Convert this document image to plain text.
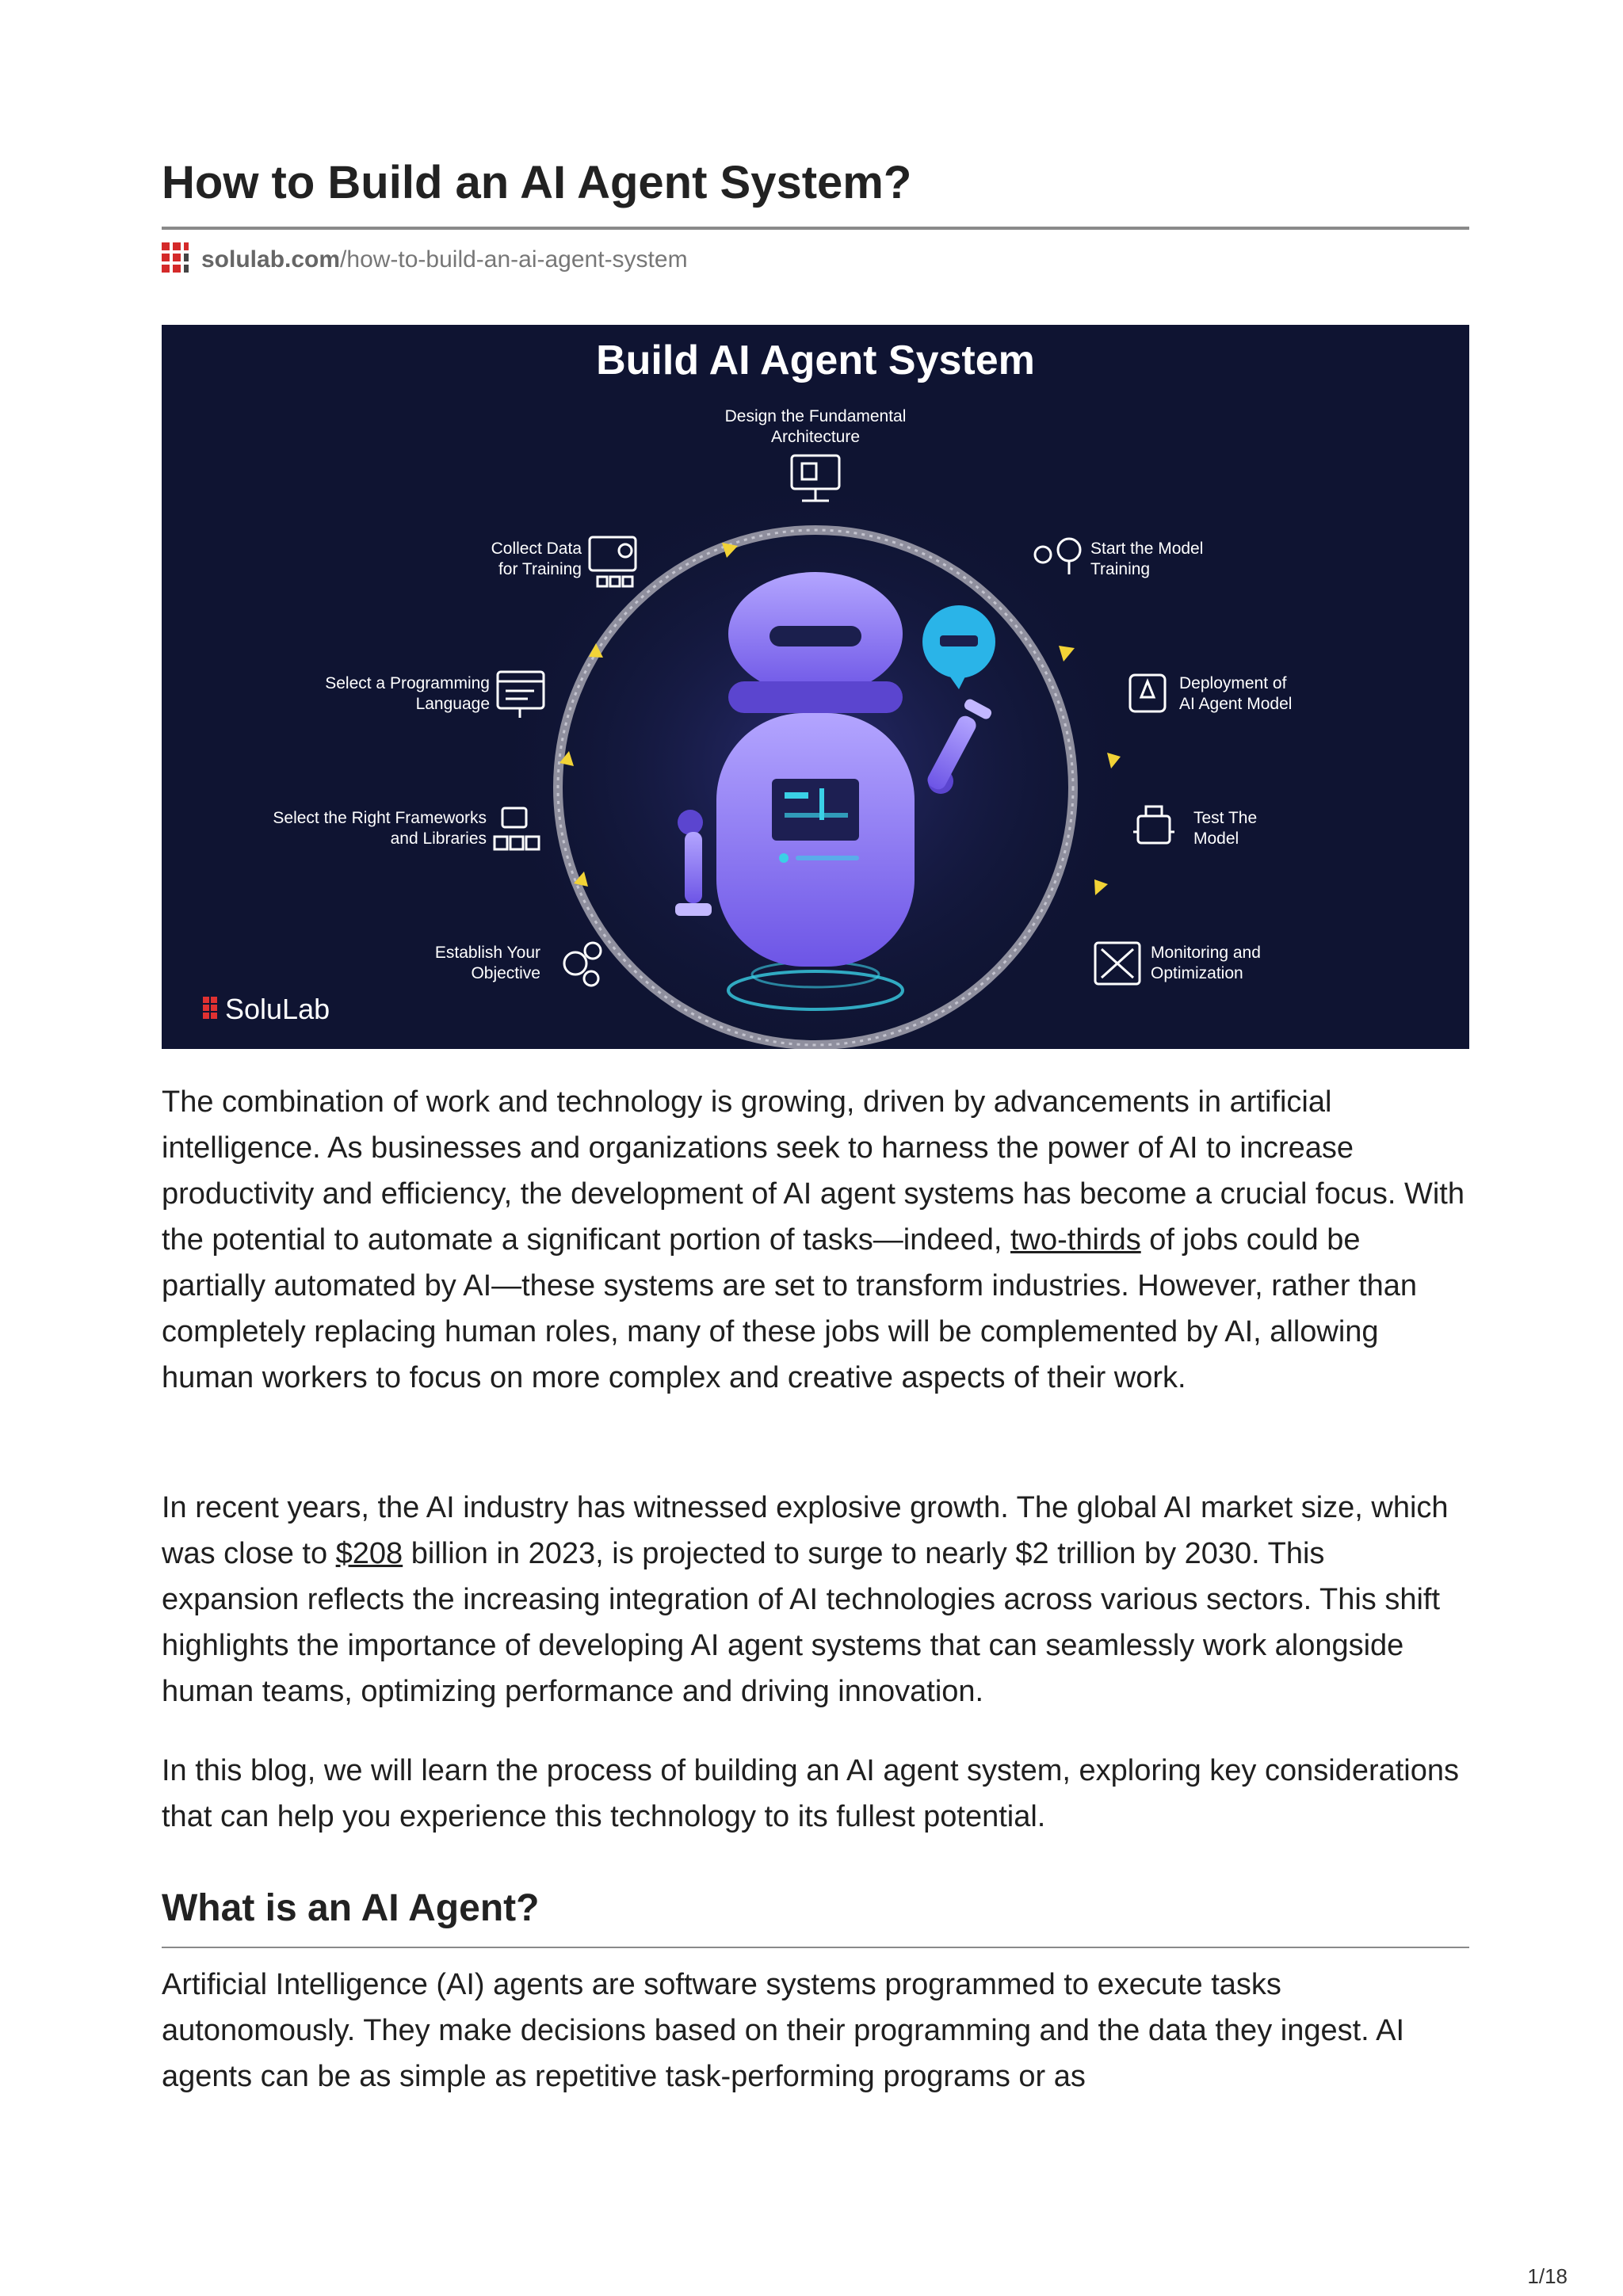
How to Build an AI Agent System?
solulab.com /how-to-build-an-ai-agent-system
Build AI Agent System
Design the Fundamental
Architecture
Start the Model
Training
Deployment of
AI Agent Model
Test The
Model
Monitoring and
Optimization
Establish Your
Objective
Select the Right Frameworks
and Libraries
Select a Programming
Language
Collect Data
for Training
SoluLab

The combination of work and technology is growing, driven by advancements in artificial intelligence. As businesses and organizations seek to harness the power of AI to increase productivity and efficiency, the development of AI agent systems has become a crucial focus. With the potential to automate a significant portion of tasks—indeed, two-thirds of jobs could be partially automated by AI—these systems are set to transform industries. However, rather than completely replacing human roles, many of these jobs will be complemented by AI, allowing human workers to focus on more complex and creative aspects of their work.

In recent years, the AI industry has witnessed explosive growth. The global AI market size, which was close to $208 billion in 2023, is projected to surge to nearly $2 trillion by 2030. This expansion reflects the increasing integration of AI technologies across various sectors. This shift highlights the importance of developing AI agent systems that can seamlessly work alongside human teams, optimizing performance and driving innovation.

In this blog, we will learn the process of building an AI agent system, exploring key considerations that can help you experience this technology to its fullest potential.

What is an AI Agent?

Artificial Intelligence (AI) agents are software systems programmed to execute tasks autonomously. They make decisions based on their programming and the data they ingest. AI agents can be as simple as repetitive task-performing programs or as

1/18
